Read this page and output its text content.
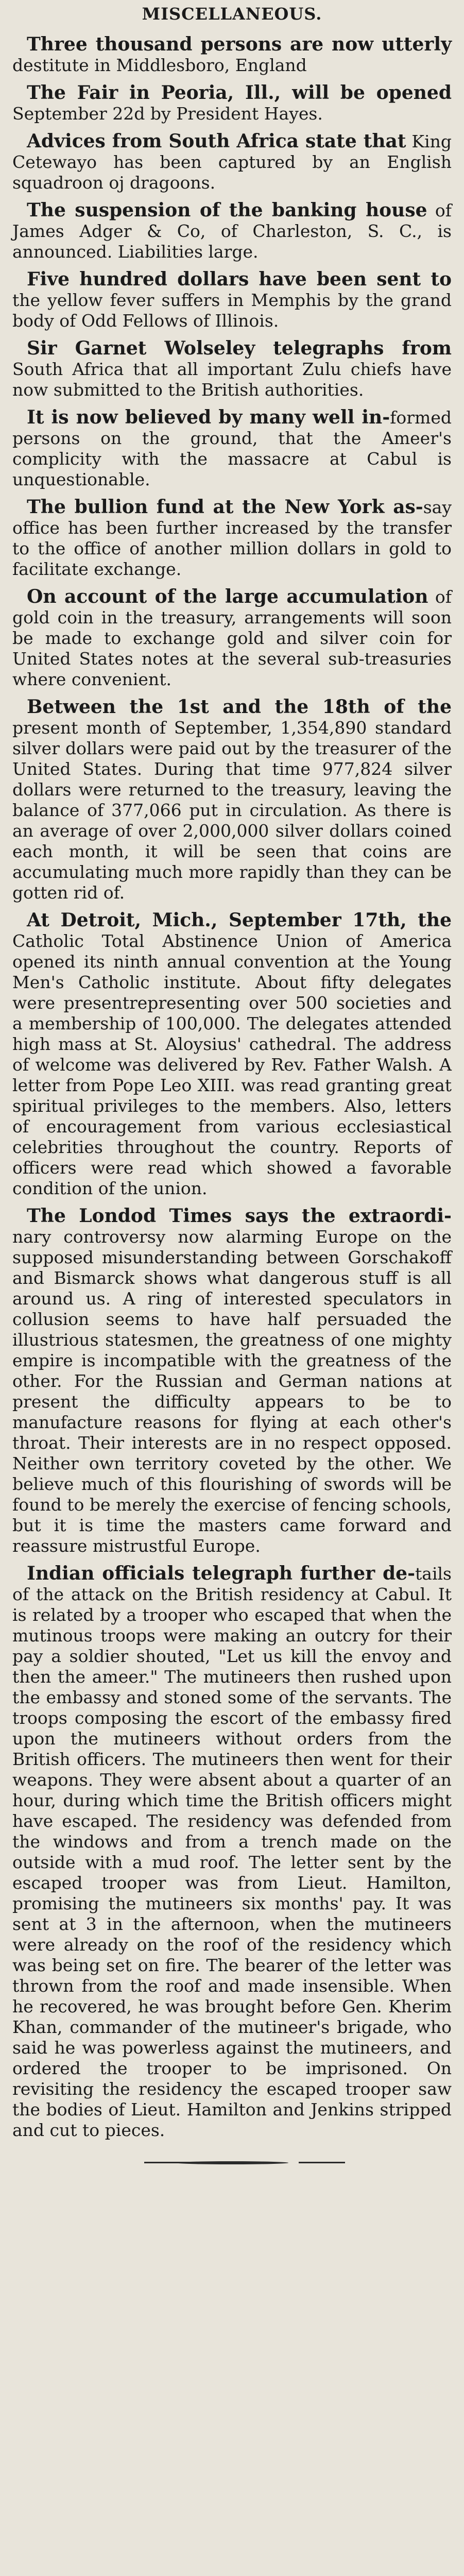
MISCELLANEOUS.

Three thousand persons are now utterly destitute in Middlesboro, England

The Fair in Peoria, Ill., will be opened September 22d by President Hayes.

Advices from South Africa state that King Cetewayo has been captured by an English squadroon oj dragoons.

The suspension of the banking house of James Adger & Co, of Charleston, S. C., is announced. Liabilities large.

Five hundred dollars have been sent to the yellow fever suffers in Memphis by the grand body of Odd Fellows of Illinois.

Sir Garnet Wolseley telegraphs from South Africa that all important Zulu chiefs have now submitted to the British authorities.

It is now believed by many well in-formed persons on the ground, that the Ameer's complicity with the massacre at Cabul is unquestionable.

The bullion fund at the New York as-say office has been further increased by the transfer to the office of another million dollars in gold to facilitate exchange.

On account of the large accumulation of gold coin in the treasury, arrangements will soon be made to exchange gold and silver coin for United States notes at the several sub-treasuries where convenient.

Between the 1st and the 18th of the present month of September, 1,354,890 standard silver dollars were paid out by the treasurer of the United States. During that time 977,824 silver dollars were returned to the treasury, leaving the balance of 377,066 put in circulation. As there is an average of over 2,000,000 silver dollars coined each month, it will be seen that coins are accumulating much more rapidly than they can be gotten rid of.

At Detroit, Mich., September 17th, the Catholic Total Abstinence Union of America opened its ninth annual convention at the Young Men's Catholic institute. About fifty delegates were presentrepresenting over 500 societies and a membership of 100,000. The delegates attended high mass at St. Aloysius' cathedral. The address of welcome was delivered by Rev. Father Walsh. A letter from Pope Leo XIII. was read granting great spiritual privileges to the members. Also, letters of encouragement from various ecclesiastical celebrities throughout the country. Reports of officers were read which showed a favorable condition of the union.

The Londod Times says the extraordi-nary controversy now alarming Europe on the supposed misunderstanding between Gorschakoff and Bismarck shows what dangerous stuff is all around us. A ring of interested speculators in collusion seems to have half persuaded the illustrious statesmen, the greatness of one mighty empire is incompatible with the greatness of the other. For the Russian and German nations at present the difficulty appears to be to manufacture reasons for flying at each other's throat. Their interests are in no respect opposed. Neither own territory coveted by the other. We believe much of this flourishing of swords will be found to be merely the exercise of fencing schools, but it is time the masters came forward and reassure mistrustful Europe.

Indian officials telegraph further de-tails of the attack on the British residency at Cabul. It is related by a trooper who escaped that when the mutinous troops were making an outcry for their pay a soldier shouted, "Let us kill the envoy and then the ameer." The mutineers then rushed upon the embassy and stoned some of the servants. The troops composing the escort of the embassy fired upon the mutineers without orders from the British officers. The mutineers then went for their weapons. They were absent about a quarter of an hour, during which time the British officers might have escaped. The residency was defended from the windows and from a trench made on the outside with a mud roof. The letter sent by the escaped trooper was from Lieut. Hamilton, promising the mutineers six months' pay. It was sent at 3 in the afternoon, when the mutineers were already on the roof of the residency which was being set on fire. The bearer of the letter was thrown from the roof and made insensible. When he recovered, he was brought before Gen. Kherim Khan, commander of the mutineer's brigade, who said he was powerless against the mutineers, and ordered the trooper to be imprisoned. On revisiting the residency the escaped trooper saw the bodies of Lieut. Hamilton and Jenkins stripped and cut to pieces.
